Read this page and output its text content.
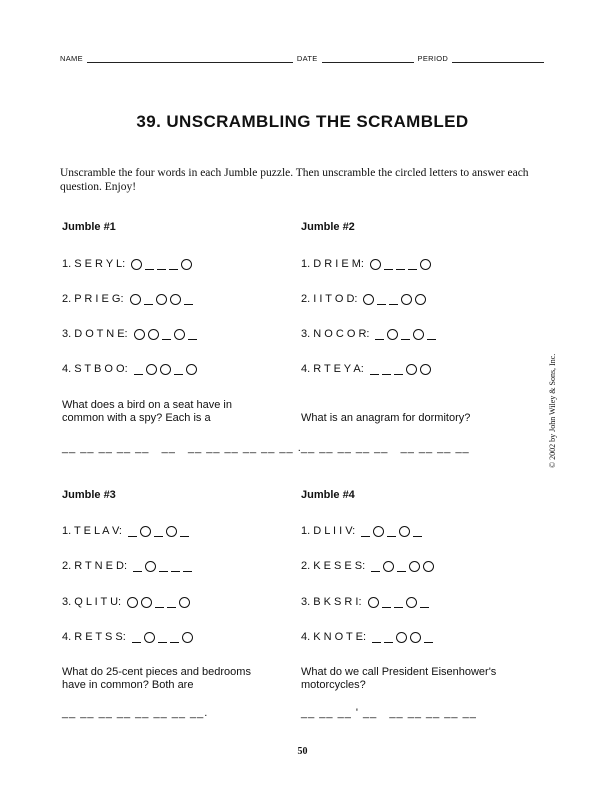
NAME	DATE	PERIOD
39. UNSCRAMBLING THE SCRAMBLED
Unscramble the four words in each Jumble puzzle. Then unscramble the circled letters to answer each question. Enjoy!
Jumble #1
1. S E R Y L:
2. P R I E G:
3. D O T N E:
4. S T B O O:
What does a bird on a seat have in common with a spy? Each is a
__ __ __ __ __   __   __ __ __ __ __ __ .
Jumble #2
1. D R I E M:
2. I I T O D:
3. N O C O R:
4. R T E Y A:
What is an anagram for dormitory?
__ __ __ __ __   __ __ __ __
Jumble #3
1. T E L A V:
2. R T N E D:
3. Q L I T U:
4. R E T S S:
What do 25-cent pieces and bedrooms have in common? Both are
__ __ __ __ __ __ __ __.
Jumble #4
1. D L I I V:
2. K E S E S:
3. B K S R I:
4. K N O T E:
What do we call President Eisenhower's motorcycles?
__ __ __ ' __   __ __ __ __ __
© 2002 by John Wiley & Sons, Inc.
50
